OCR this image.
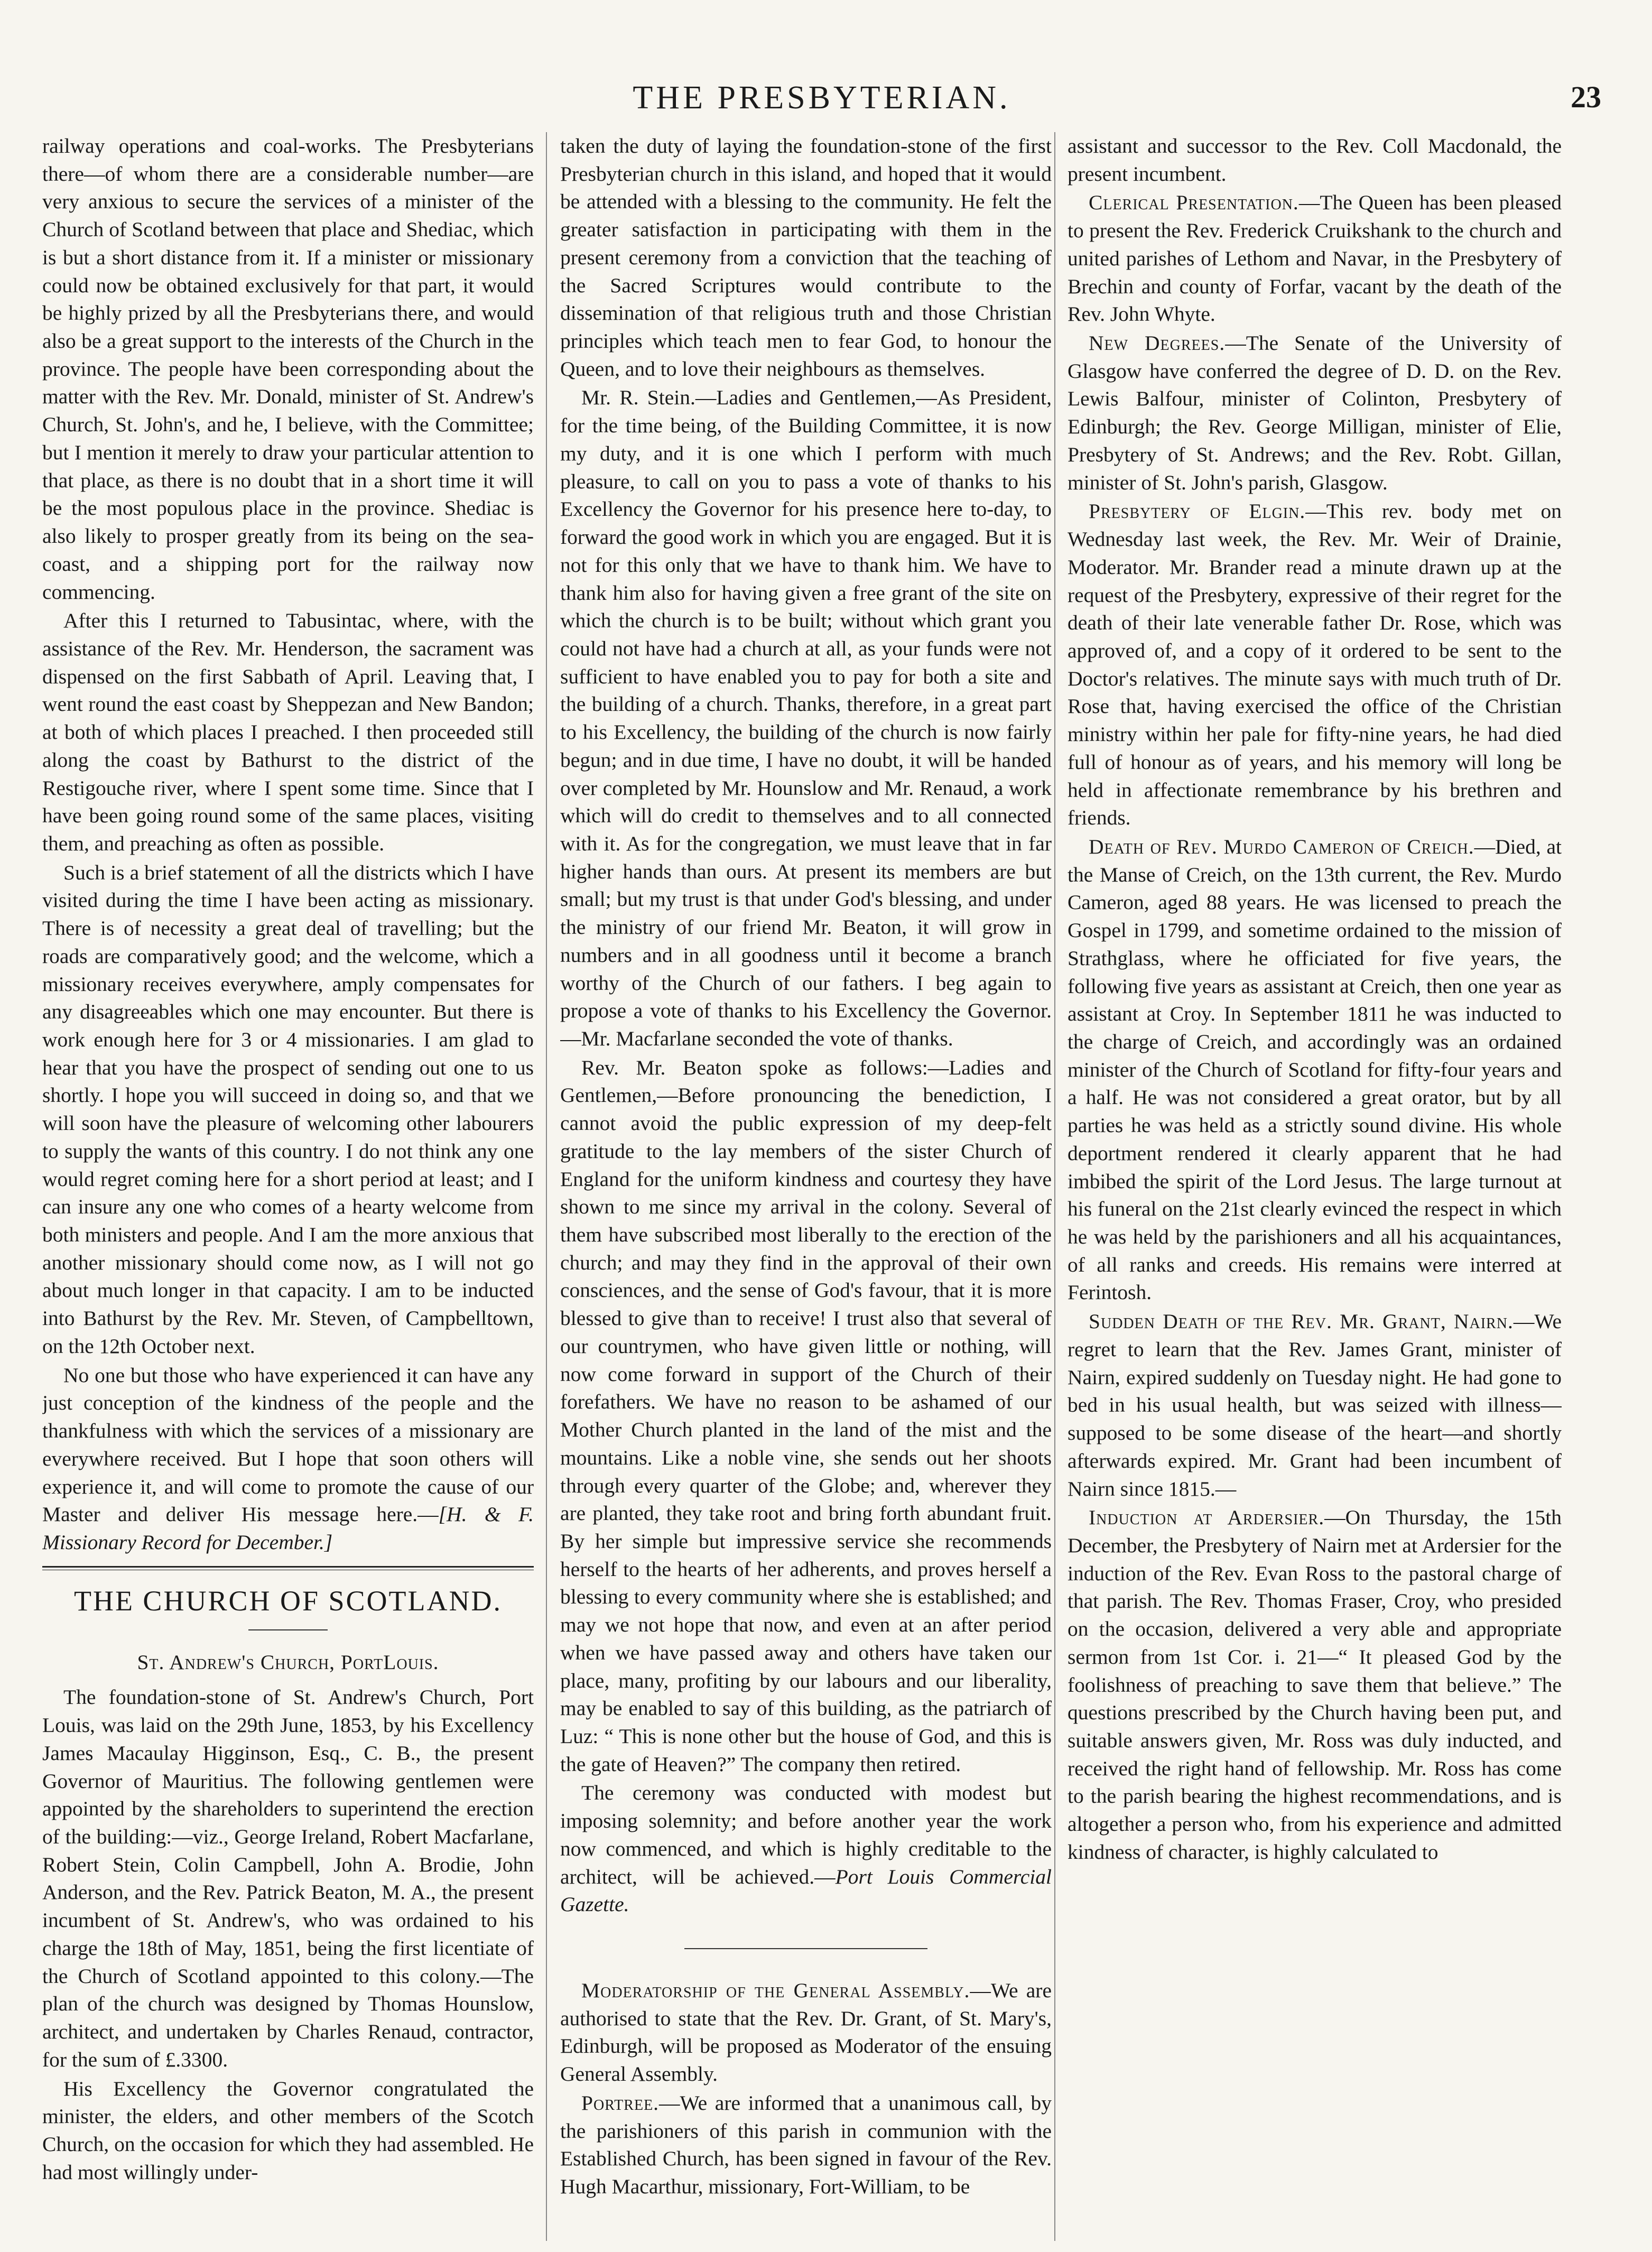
THE PRESBYTERIAN.	23

railway operations and coal-works. The Presbyterians there—of whom there are a considerable number—are very anxious to secure the services of a minister of the Church of Scotland between that place and Shediac, which is but a short distance from it. If a minister or missionary could now be obtained exclusively for that part, it would be highly prized by all the Presbyterians there, and would also be a great support to the interests of the Church in the province. The people have been corresponding about the matter with the Rev. Mr. Donald, minister of St. Andrew's Church, St. John's, and he, I believe, with the Committee; but I mention it merely to draw your particular attention to that place, as there is no doubt that in a short time it will be the most populous place in the province. Shediac is also likely to prosper greatly from its being on the sea-coast, and a shipping port for the railway now commencing.

After this I returned to Tabusintac, where, with the assistance of the Rev. Mr. Henderson, the sacrament was dispensed on the first Sabbath of April. Leaving that, I went round the east coast by Sheppezan and New Bandon; at both of which places I preached. I then proceeded still along the coast by Bathurst to the district of the Restigouche river, where I spent some time. Since that I have been going round some of the same places, visiting them, and preaching as often as possible.

Such is a brief statement of all the districts which I have visited during the time I have been acting as missionary. There is of necessity a great deal of travelling; but the roads are comparatively good; and the welcome, which a missionary receives everywhere, amply compensates for any disagreeables which one may encounter. But there is work enough here for 3 or 4 missionaries. I am glad to hear that you have the prospect of sending out one to us shortly. I hope you will succeed in doing so, and that we will soon have the pleasure of welcoming other labourers to supply the wants of this country. I do not think any one would regret coming here for a short period at least; and I can insure any one who comes of a hearty welcome from both ministers and people. And I am the more anxious that another missionary should come now, as I will not go about much longer in that capacity. I am to be inducted into Bathurst by the Rev. Mr. Steven, of Campbelltown, on the 12th October next.

No one but those who have experienced it can have any just conception of the kindness of the people and the thankfulness with which the services of a missionary are everywhere received. But I hope that soon others will experience it, and will come to promote the cause of our Master and deliver His message here.—[H. & F. Missionary Record for December.]

THE CHURCH OF SCOTLAND.

St. Andrew's Church, PortLouis.

The foundation-stone of St. Andrew's Church, Port Louis, was laid on the 29th June, 1853, by his Excellency James Macaulay Higginson, Esq., C. B., the present Governor of Mauritius. The following gentlemen were appointed by the shareholders to superintend the erection of the building:—viz., George Ireland, Robert Macfarlane, Robert Stein, Colin Campbell, John A. Brodie, John Anderson, and the Rev. Patrick Beaton, M. A., the present incumbent of St. Andrew's, who was ordained to his charge the 18th of May, 1851, being the first licentiate of the Church of Scotland appointed to this colony.—The plan of the church was designed by Thomas Hounslow, architect, and undertaken by Charles Renaud, contractor, for the sum of £.3300.

His Excellency the Governor congratulated the minister, the elders, and other members of the Scotch Church, on the occasion for which they had assembled. He had most willingly under-

taken the duty of laying the foundation-stone of the first Presbyterian church in this island, and hoped that it would be attended with a blessing to the community. He felt the greater satisfaction in participating with them in the present ceremony from a conviction that the teaching of the Sacred Scriptures would contribute to the dissemination of that religious truth and those Christian principles which teach men to fear God, to honour the Queen, and to love their neighbours as themselves.

Mr. R. Stein.—Ladies and Gentlemen,—As President, for the time being, of the Building Committee, it is now my duty, and it is one which I perform with much pleasure, to call on you to pass a vote of thanks to his Excellency the Governor for his presence here to-day, to forward the good work in which you are engaged. But it is not for this only that we have to thank him. We have to thank him also for having given a free grant of the site on which the church is to be built; without which grant you could not have had a church at all, as your funds were not sufficient to have enabled you to pay for both a site and the building of a church. Thanks, therefore, in a great part to his Excellency, the building of the church is now fairly begun; and in due time, I have no doubt, it will be handed over completed by Mr. Hounslow and Mr. Renaud, a work which will do credit to themselves and to all connected with it. As for the congregation, we must leave that in far higher hands than ours. At present its members are but small; but my trust is that under God's blessing, and under the ministry of our friend Mr. Beaton, it will grow in numbers and in all goodness until it become a branch worthy of the Church of our fathers. I beg again to propose a vote of thanks to his Excellency the Governor.—Mr. Macfarlane seconded the vote of thanks.

Rev. Mr. Beaton spoke as follows:—Ladies and Gentlemen,—Before pronouncing the benediction, I cannot avoid the public expression of my deep-felt gratitude to the lay members of the sister Church of England for the uniform kindness and courtesy they have shown to me since my arrival in the colony. Several of them have subscribed most liberally to the erection of the church; and may they find in the approval of their own consciences, and the sense of God's favour, that it is more blessed to give than to receive! I trust also that several of our countrymen, who have given little or nothing, will now come forward in support of the Church of their forefathers. We have no reason to be ashamed of our Mother Church planted in the land of the mist and the mountains. Like a noble vine, she sends out her shoots through every quarter of the Globe; and, wherever they are planted, they take root and bring forth abundant fruit. By her simple but impressive service she recommends herself to the hearts of her adherents, and proves herself a blessing to every community where she is established; and may we not hope that now, and even at an after period when we have passed away and others have taken our place, many, profiting by our labours and our liberality, may be enabled to say of this building, as the patriarch of Luz: “ This is none other but the house of God, and this is the gate of Heaven?” The company then retired.

The ceremony was conducted with modest but imposing solemnity; and before another year the work now commenced, and which is highly creditable to the architect, will be achieved.—Port Louis Commercial Gazette.

Moderatorship of the General Assembly.—We are authorised to state that the Rev. Dr. Grant, of St. Mary's, Edinburgh, will be proposed as Moderator of the ensuing General Assembly.

Portree.—We are informed that a unanimous call, by the parishioners of this parish in communion with the Established Church, has been signed in favour of the Rev. Hugh Macarthur, missionary, Fort-William, to be

assistant and successor to the Rev. Coll Macdonald, the present incumbent.

Clerical Presentation.—The Queen has been pleased to present the Rev. Frederick Cruikshank to the church and united parishes of Lethom and Navar, in the Presbytery of Brechin and county of Forfar, vacant by the death of the Rev. John Whyte.

New Degrees.—The Senate of the University of Glasgow have conferred the degree of D. D. on the Rev. Lewis Balfour, minister of Colinton, Presbytery of Edinburgh; the Rev. George Milligan, minister of Elie, Presbytery of St. Andrews; and the Rev. Robt. Gillan, minister of St. John's parish, Glasgow.

Presbytery of Elgin.—This rev. body met on Wednesday last week, the Rev. Mr. Weir of Drainie, Moderator. Mr. Brander read a minute drawn up at the request of the Presbytery, expressive of their regret for the death of their late venerable father Dr. Rose, which was approved of, and a copy of it ordered to be sent to the Doctor's relatives. The minute says with much truth of Dr. Rose that, having exercised the office of the Christian ministry within her pale for fifty-nine years, he had died full of honour as of years, and his memory will long be held in affectionate remembrance by his brethren and friends.

Death of Rev. Murdo Cameron of Creich.—Died, at the Manse of Creich, on the 13th current, the Rev. Murdo Cameron, aged 88 years. He was licensed to preach the Gospel in 1799, and sometime ordained to the mission of Strathglass, where he officiated for five years, the following five years as assistant at Creich, then one year as assistant at Croy. In September 1811 he was inducted to the charge of Creich, and accordingly was an ordained minister of the Church of Scotland for fifty-four years and a half. He was not considered a great orator, but by all parties he was held as a strictly sound divine. His whole deportment rendered it clearly apparent that he had imbibed the spirit of the Lord Jesus. The large turnout at his funeral on the 21st clearly evinced the respect in which he was held by the parishioners and all his acquaintances, of all ranks and creeds. His remains were interred at Ferintosh.

Sudden Death of the Rev. Mr. Grant, Nairn.—We regret to learn that the Rev. James Grant, minister of Nairn, expired suddenly on Tuesday night. He had gone to bed in his usual health, but was seized with illness—supposed to be some disease of the heart—and shortly afterwards expired. Mr. Grant had been incumbent of Nairn since 1815.—

Induction at Ardersier.—On Thursday, the 15th December, the Presbytery of Nairn met at Ardersier for the induction of the Rev. Evan Ross to the pastoral charge of that parish. The Rev. Thomas Fraser, Croy, who presided on the occasion, delivered a very able and appropriate sermon from 1st Cor. i. 21—“ It pleased God by the foolishness of preaching to save them that believe.” The questions prescribed by the Church having been put, and suitable answers given, Mr. Ross was duly inducted, and received the right hand of fellowship. Mr. Ross has come to the parish bearing the highest recommendations, and is altogether a person who, from his experience and admitted kindness of character, is highly calculated to
